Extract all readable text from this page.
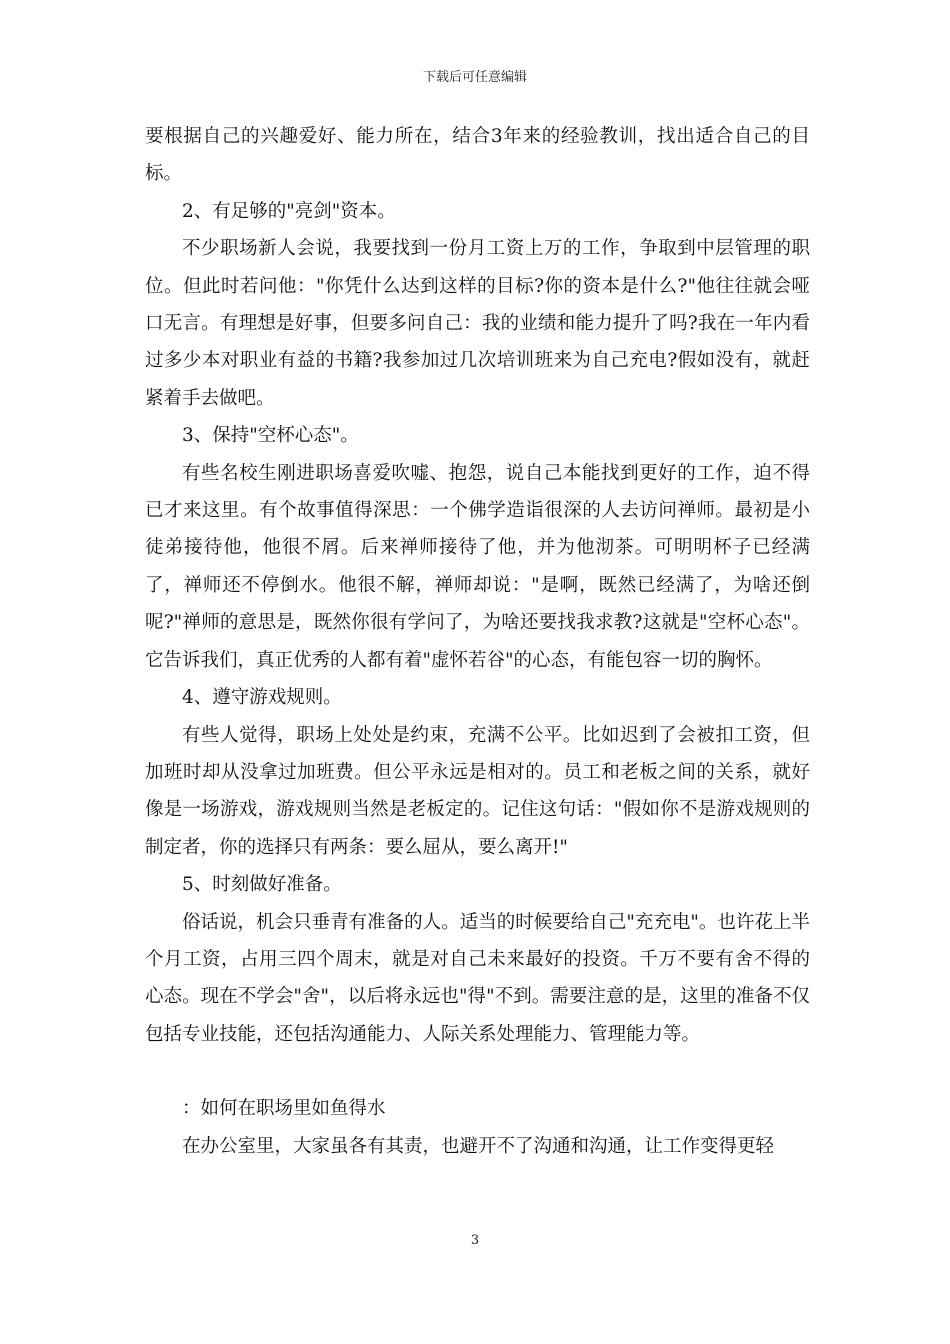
下载后可任意编辑

要根据自己的兴趣爱好、能力所在，结合3年来的经验教训，找出适合自己的目标。

2、有足够的"亮剑"资本。

不少职场新人会说，我要找到一份月工资上万的工作，争取到中层管理的职位。但此时若问他："你凭什么达到这样的目标?你的资本是什么?"他往往就会哑口无言。有理想是好事，但要多问自己：我的业绩和能力提升了吗?我在一年内看过多少本对职业有益的书籍?我参加过几次培训班来为自己充电?假如没有，就赶紧着手去做吧。

3、保持"空杯心态"。

有些名校生刚进职场喜爱吹嘘、抱怨，说自己本能找到更好的工作，迫不得已才来这里。有个故事值得深思：一个佛学造诣很深的人去访问禅师。最初是小徒弟接待他，他很不屑。后来禅师接待了他，并为他沏茶。可明明杯子已经满了，禅师还不停倒水。他很不解，禅师却说："是啊，既然已经满了，为啥还倒呢?"禅师的意思是，既然你很有学问了，为啥还要找我求教?这就是"空杯心态"。它告诉我们，真正优秀的人都有着"虚怀若谷"的心态，有能包容一切的胸怀。

4、遵守游戏规则。

有些人觉得，职场上处处是约束，充满不公平。比如迟到了会被扣工资，但加班时却从没拿过加班费。但公平永远是相对的。员工和老板之间的关系，就好像是一场游戏，游戏规则当然是老板定的。记住这句话："假如你不是游戏规则的制定者，你的选择只有两条：要么屈从，要么离开!"

5、时刻做好准备。

俗话说，机会只垂青有准备的人。适当的时候要给自己"充充电"。也许花上半个月工资，占用三四个周末，就是对自己未来最好的投资。千万不要有舍不得的心态。现在不学会"舍"，以后将永远也"得"不到。需要注意的是，这里的准备不仅包括专业技能，还包括沟通能力、人际关系处理能力、管理能力等。

：如何在职场里如鱼得水

在办公室里，大家虽各有其责，也避开不了沟通和沟通，让工作变得更轻

3
